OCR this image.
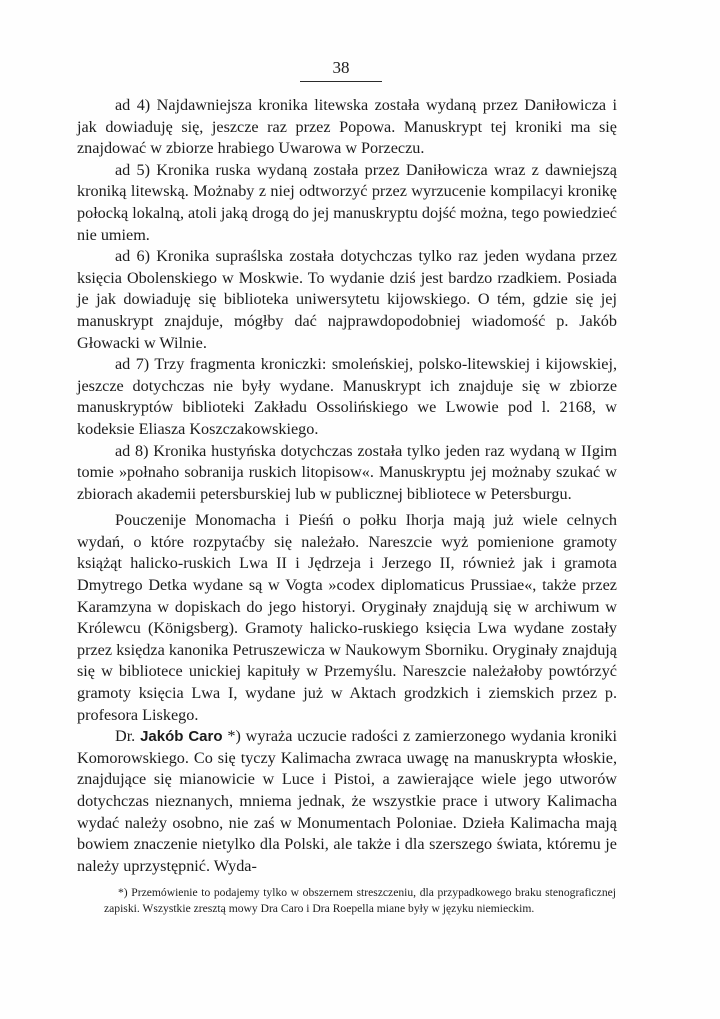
38

ad 4) Najdawniejsza kronika litewska została wydaną przez Daniłowicza i jak dowiaduję się, jeszcze raz przez Popowa. Manuskrypt tej kroniki ma się znajdować w zbiorze hrabiego Uwarowa w Porzeczu.

ad 5) Kronika ruska wydaną została przez Daniłowicza wraz z dawniejszą kroniką litewską. Możnaby z niej odtworzyć przez wyrzucenie kompilacyi kronikę połocką lokalną, atoli jaką drogą do jej manuskryptu dojść można, tego powiedzieć nie umiem.

ad 6) Kronika supraślska została dotychczas tylko raz jeden wydana przez księcia Obolenskiego w Moskwie. To wydanie dziś jest bardzo rzadkiem. Posiada je jak dowiaduję się biblioteka uniwersytetu kijowskiego. O tém, gdzie się jej manuskrypt znajduje, mógłby dać najprawdopodobniej wiadomość p. Jakób Głowacki w Wilnie.

ad 7) Trzy fragmenta kroniczki: smoleńskiej, polsko-litewskiej i kijowskiej, jeszcze dotychczas nie były wydane. Manuskrypt ich znajduje się w zbiorze manuskryptów biblioteki Zakładu Ossolińskiego we Lwowie pod l. 2168, w kodeksie Eliasza Koszczakowskiego.

ad 8) Kronika hustyńska dotychczas została tylko jeden raz wydaną w IIgim tomie »połnaho sobranija ruskich litopisow«. Manuskryptu jej możnaby szukać w zbiorach akademii petersburskiej lub w publicznej bibliotece w Petersburgu.

Pouczenije Monomacha i Pieśń o połku Ihorja mają już wiele celnych wydań, o które rozpytaćby się należało. Nareszcie wyż pomienione gramoty książąt halicko-ruskich Lwa II i Jędrzeja i Jerzego II, również jak i gramota Dmytrego Detka wydane są w Vogta »codex diplomaticus Prussiae«, także przez Karamzyna w dopiskach do jego historyi. Oryginały znajdują się w archiwum w Królewcu (Königsberg). Gramoty halicko-ruskiego księcia Lwa wydane zostały przez księdza kanonika Petruszewicza w Naukowym Sborniku. Oryginały znajdują się w bibliotece unickiej kapituły w Przemyślu. Nareszcie należałoby powtórzyć gramoty księcia Lwa I, wydane już w Aktach grodzkich i ziemskich przez p. profesora Liskego.

Dr. Jakób Caro *) wyraża uczucie radości z zamierzonego wydania kroniki Komorowskiego. Co się tyczy Kalimacha zwraca uwagę na manuskrypta włoskie, znajdujące się mianowicie w Luce i Pistoi, a zawierające wiele jego utworów dotychczas nieznanych, mniema jednak, że wszystkie prace i utwory Kalimacha wydać należy osobno, nie zaś w Monumentach Poloniae. Dzieła Kalimacha mają bowiem znaczenie nietylko dla Polski, ale także i dla szerszego świata, któremu je należy uprzystępnić. Wyda-

*) Przemówienie to podajemy tylko w obszernem streszczeniu, dla przypadkowego braku stenograficznej zapiski. Wszystkie zresztą mowy Dra Caro i Dra Roepella miane były w języku niemieckim.
